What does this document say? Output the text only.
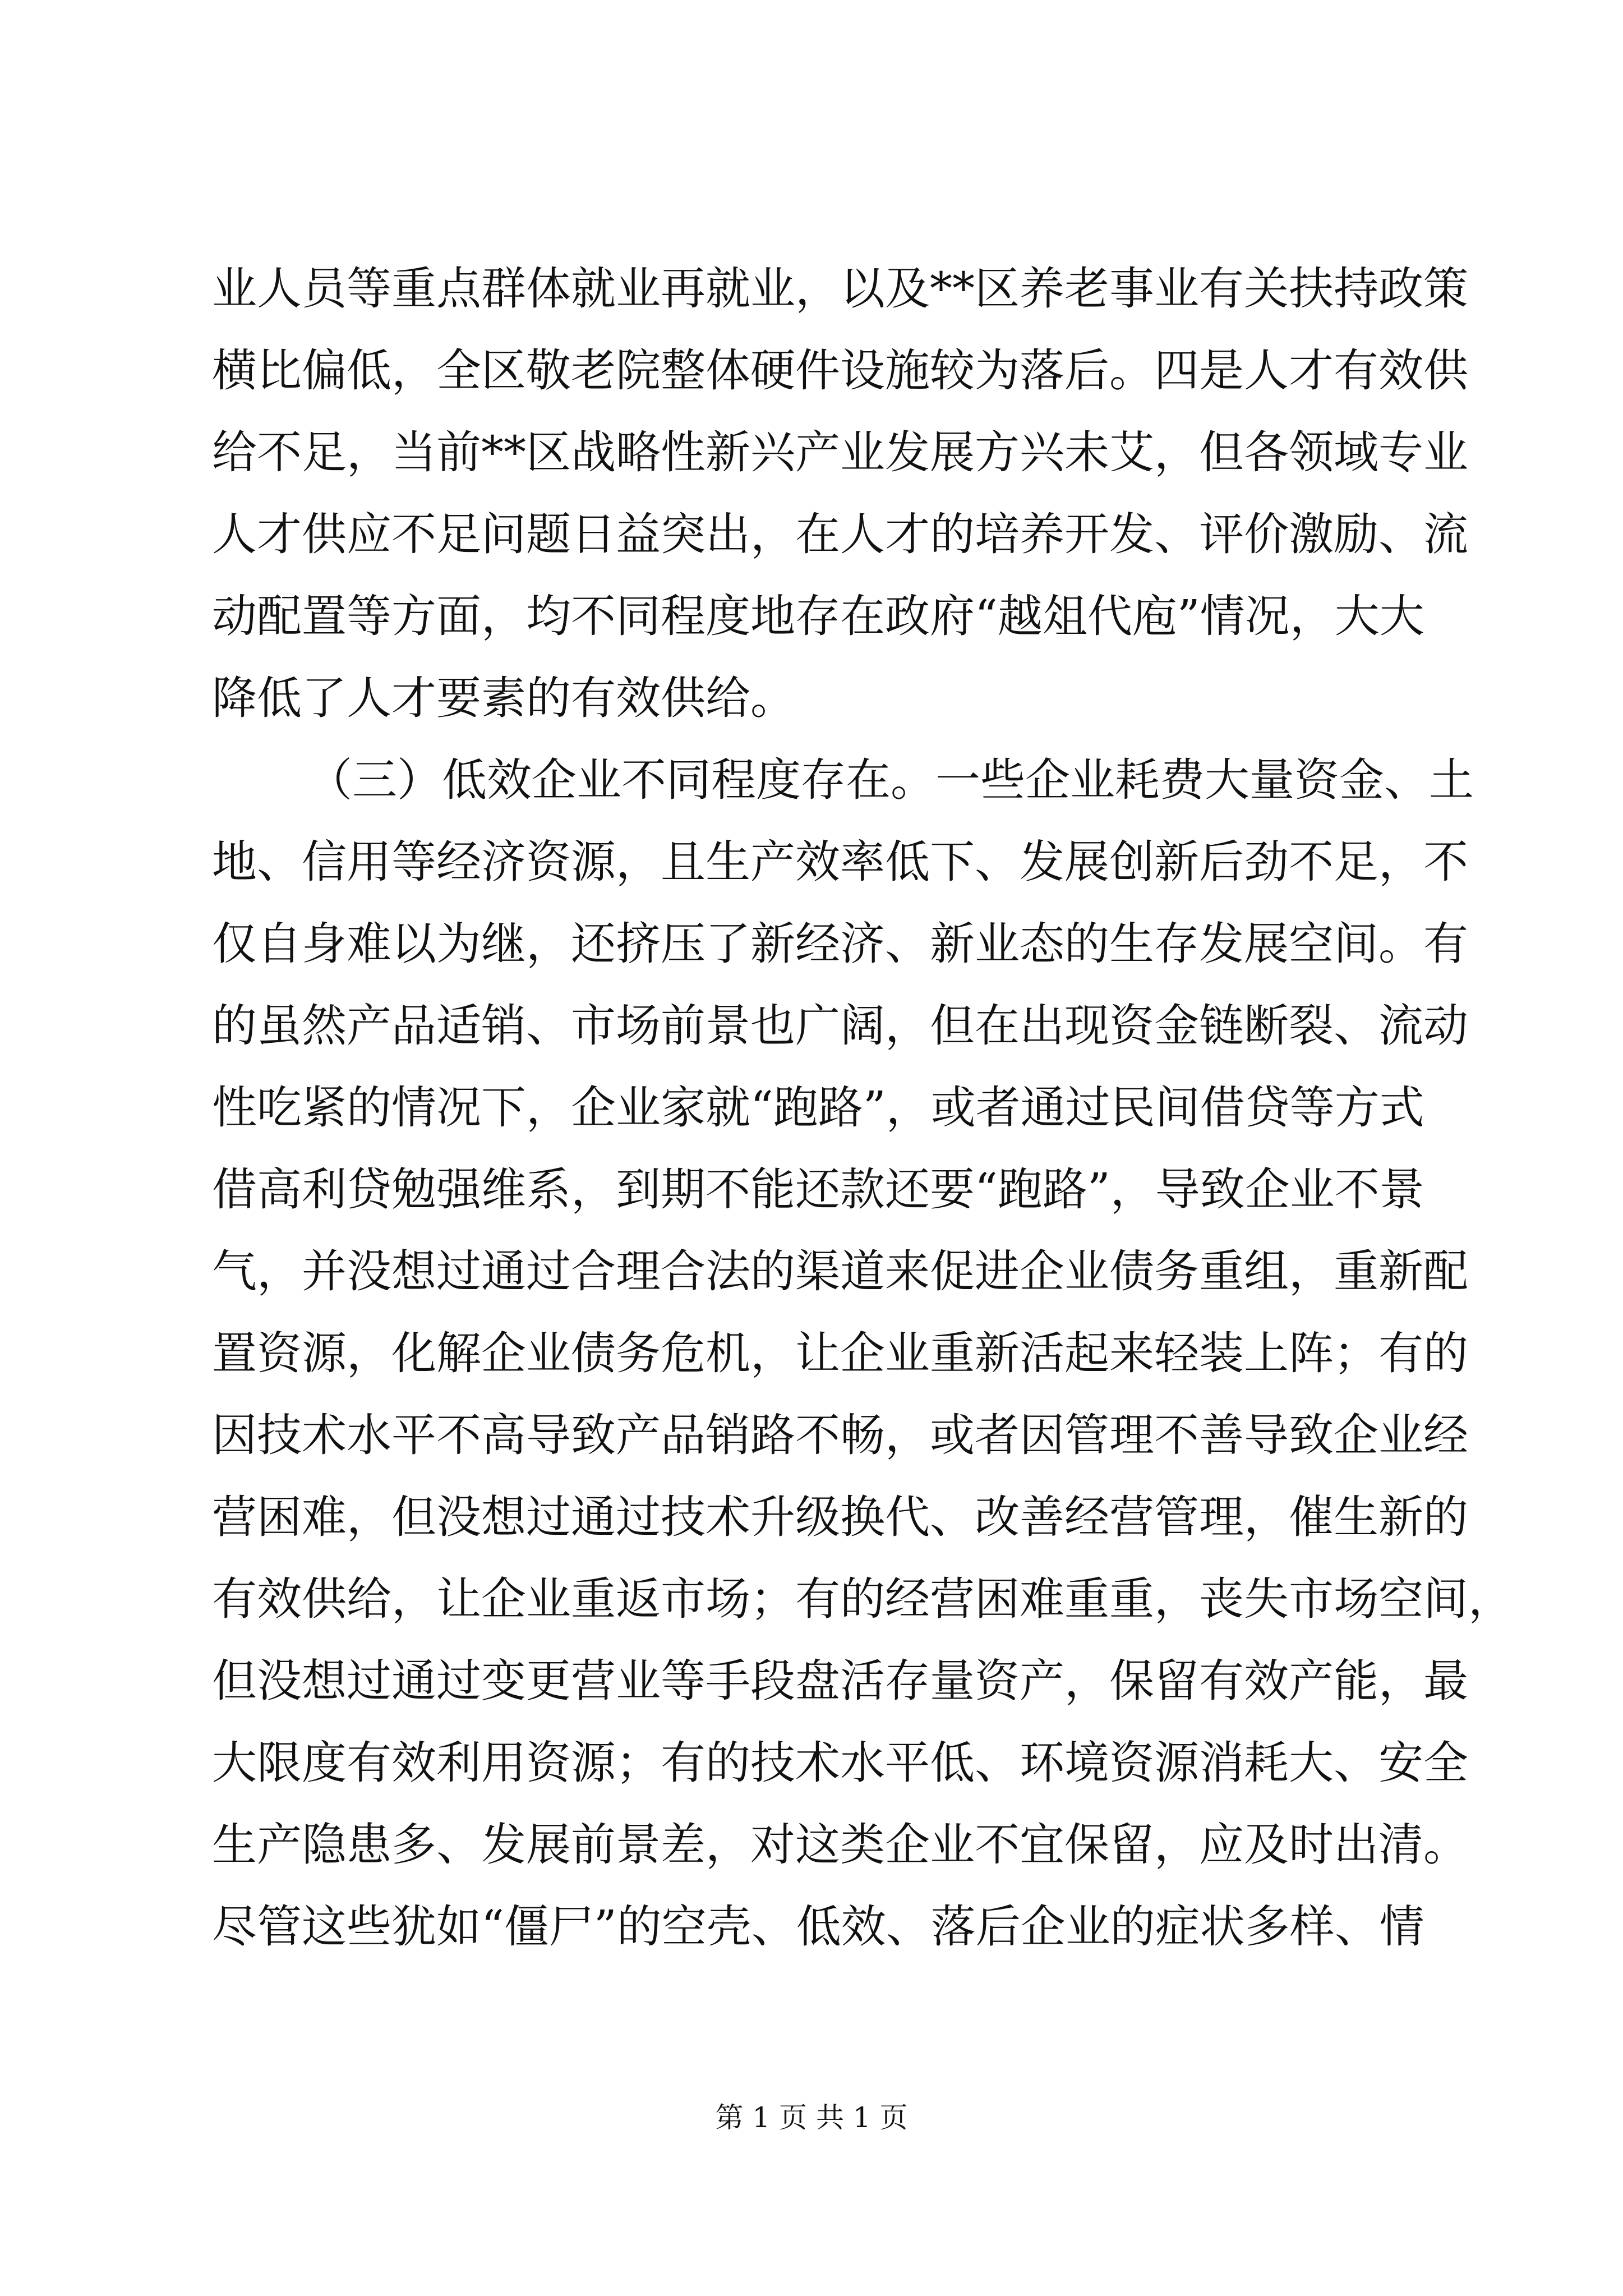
业人员等重点群体就业再就业，以及**区养老事业有关扶持政策
横比偏低，全区敬老院整体硬件设施较为落后。四是人才有效供
给不足，当前**区战略性新兴产业发展方兴未艾，但各领域专业
人才供应不足问题日益突出，在人才的培养开发、评价激励、流
动配置等方面，均不同程度地存在政府“越俎代庖”情况，大大
降低了人才要素的有效供给。
（三）低效企业不同程度存在。一些企业耗费大量资金、土
地、信用等经济资源，且生产效率低下、发展创新后劲不足，不
仅自身难以为继，还挤压了新经济、新业态的生存发展空间。有
的虽然产品适销、市场前景也广阔，但在出现资金链断裂、流动
性吃紧的情况下，企业家就“跑路”，或者通过民间借贷等方式
借高利贷勉强维系，到期不能还款还要“跑路”，导致企业不景
气，并没想过通过合理合法的渠道来促进企业债务重组，重新配
置资源，化解企业债务危机，让企业重新活起来轻装上阵；有的
因技术水平不高导致产品销路不畅，或者因管理不善导致企业经
营困难，但没想过通过技术升级换代、改善经营管理，催生新的
有效供给，让企业重返市场；有的经营困难重重，丧失市场空间，
但没想过通过变更营业等手段盘活存量资产，保留有效产能，最
大限度有效利用资源；有的技术水平低、环境资源消耗大、安全
生产隐患多、发展前景差，对这类企业不宜保留，应及时出清。
尽管这些犹如“僵尸”的空壳、低效、落后企业的症状多样、情
第 1 页 共 1 页
